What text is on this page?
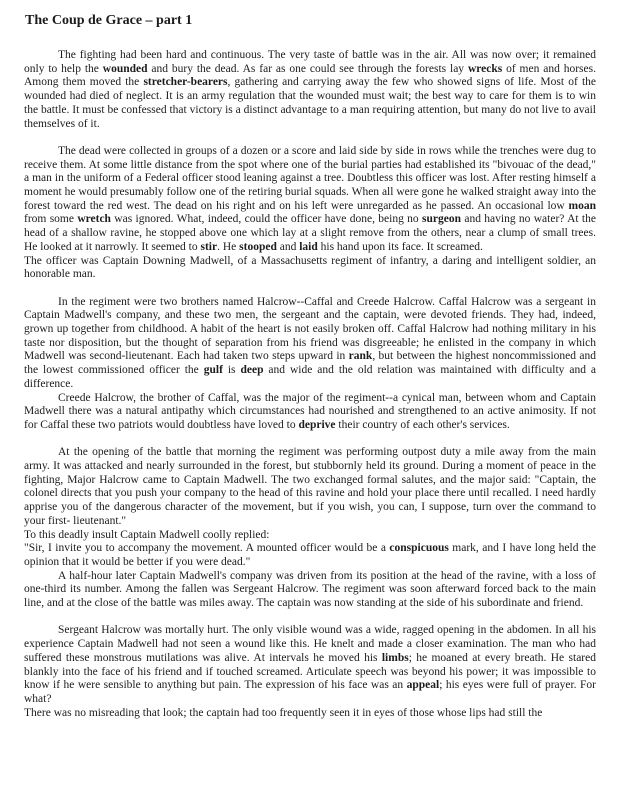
The Coup de Grace – part 1

The fighting had been hard and continuous. The very taste of battle was in the air. All was now over; it remained only to help the wounded and bury the dead. As far as one could see through the forests lay wrecks of men and horses. Among them moved the stretcher-bearers, gathering and carrying away the few who showed signs of life. Most of the wounded had died of neglect. It is an army regulation that the wounded must wait; the best way to care for them is to win the battle. It must be confessed that victory is a distinct advantage to a man requiring attention, but many do not live to avail themselves of it.

The dead were collected in groups of a dozen or a score and laid side by side in rows while the trenches were dug to receive them. At some little distance from the spot where one of the burial parties had established its "bivouac of the dead," a man in the uniform of a Federal officer stood leaning against a tree. Doubtless this officer was lost. After resting himself a moment he would presumably follow one of the retiring burial squads. When all were gone he walked straight away into the forest toward the red west. The dead on his right and on his left were unregarded as he passed. An occasional low moan from some wretch was ignored. What, indeed, could the officer have done, being no surgeon and having no water? At the head of a shallow ravine, he stopped above one which lay at a slight remove from the others, near a clump of small trees. He looked at it narrowly. It seemed to stir. He stooped and laid his hand upon its face. It screamed.

The officer was Captain Downing Madwell, of a Massachusetts regiment of infantry, a daring and intelligent soldier, an honorable man.

In the regiment were two brothers named Halcrow--Caffal and Creede Halcrow. Caffal Halcrow was a sergeant in Captain Madwell's company, and these two men, the sergeant and the captain, were devoted friends. They had, indeed, grown up together from childhood. A habit of the heart is not easily broken off. Caffal Halcrow had nothing military in his taste nor disposition, but the thought of separation from his friend was disgreeable; he enlisted in the company in which Madwell was second-lieutenant. Each had taken two steps upward in rank, but between the highest noncommissioned and the lowest commissioned officer the gulf is deep and wide and the old relation was maintained with difficulty and a difference.

Creede Halcrow, the brother of Caffal, was the major of the regiment--a cynical man, between whom and Captain Madwell there was a natural antipathy which circumstances had nourished and strengthened to an active animosity. If not for Caffal these two patriots would doubtless have loved to deprive their country of each other's services.

At the opening of the battle that morning the regiment was performing outpost duty a mile away from the main army. It was attacked and nearly surrounded in the forest, but stubbornly held its ground. During a moment of peace in the fighting, Major Halcrow came to Captain Madwell. The two exchanged formal salutes, and the major said: "Captain, the colonel directs that you push your company to the head of this ravine and hold your place there until recalled. I need hardly apprise you of the dangerous character of the movement, but if you wish, you can, I suppose, turn over the command to your first- lieutenant."

To this deadly insult Captain Madwell coolly replied:

"Sir, I invite you to accompany the movement. A mounted officer would be a conspicuous mark, and I have long held the opinion that it would be better if you were dead."

A half-hour later Captain Madwell's company was driven from its position at the head of the ravine, with a loss of one-third its number. Among the fallen was Sergeant Halcrow. The regiment was soon afterward forced back to the main line, and at the close of the battle was miles away. The captain was now standing at the side of his subordinate and friend.

Sergeant Halcrow was mortally hurt. The only visible wound was a wide, ragged opening in the abdomen. In all his experience Captain Madwell had not seen a wound like this. He knelt and made a closer examination. The man who had suffered these monstrous mutilations was alive. At intervals he moved his limbs; he moaned at every breath. He stared blankly into the face of his friend and if touched screamed. Articulate speech was beyond his power; it was impossible to know if he were sensible to anything but pain. The expression of his face was an appeal; his eyes were full of prayer. For what?

There was no misreading that look; the captain had too frequently seen it in eyes of those whose lips had still the
